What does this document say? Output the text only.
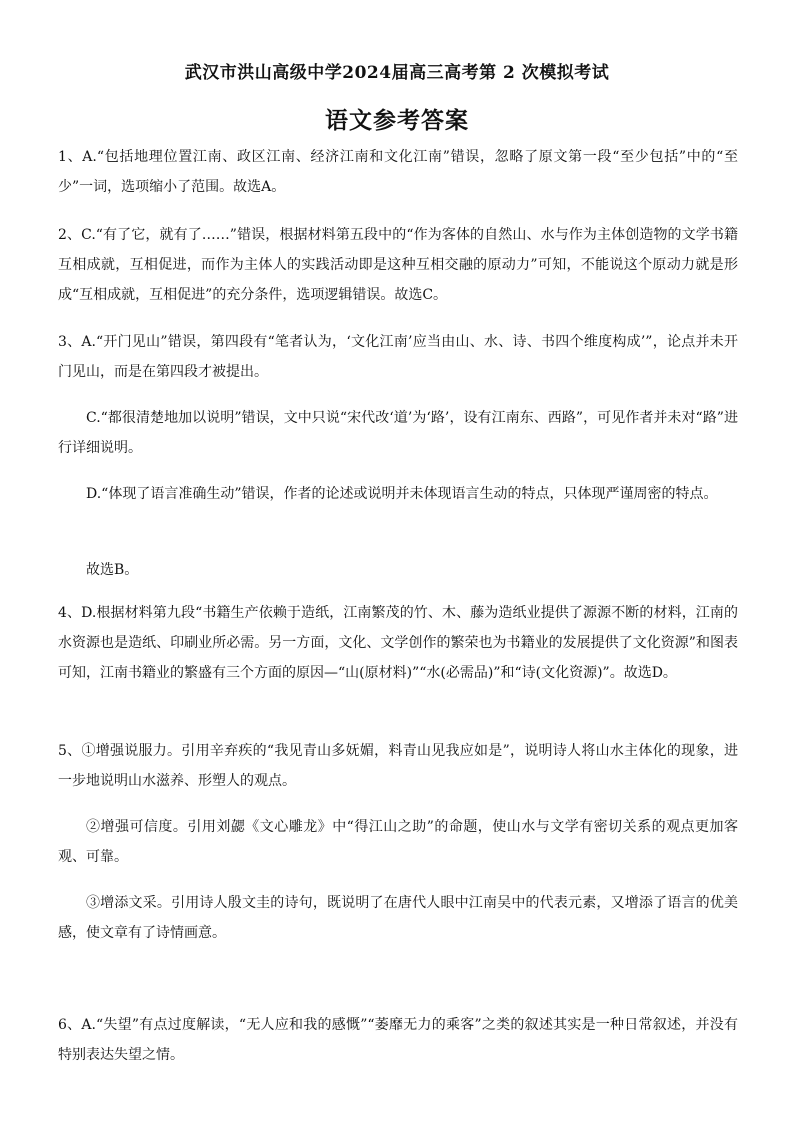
武汉市洪山高级中学2024届高三高考第 2 次模拟考试
语文参考答案

1、A.“包括地理位置江南、政区江南、经济江南和文化江南”错误，忽略了原文第一段“至少包括”中的“至少”一词，选项缩小了范围。故选A。

2、C.“有了它，就有了……”错误，根据材料第五段中的“作为客体的自然山、水与作为主体创造物的文学书籍互相成就，互相促进，而作为主体人的实践活动即是这种互相交融的原动力”可知，不能说这个原动力就是形成“互相成就，互相促进”的充分条件，选项逻辑错误。故选C。

3、A.“开门见山”错误，第四段有“笔者认为，‘文化江南’应当由山、水、诗、书四个维度构成’”，论点并未开门见山，而是在第四段才被提出。

C.“都很清楚地加以说明”错误，文中只说“宋代改‘道’为‘路’，设有江南东、西路”，可见作者并未对“路”进行详细说明。

D.“体现了语言准确生动”错误，作者的论述或说明并未体现语言生动的特点，只体现严谨周密的特点。

故选B。

4、D.根据材料第九段“书籍生产依赖于造纸，江南繁茂的竹、木、藤为造纸业提供了源源不断的材料，江南的水资源也是造纸、印刷业所必需。另一方面，文化、文学创作的繁荣也为书籍业的发展提供了文化资源”和图表可知，江南书籍业的繁盛有三个方面的原因—“山(原材料)”“水(必需品)”和“诗(文化资源)”。故选D。

5、①增强说服力。引用辛弃疾的“我见青山多妩媚，料青山见我应如是”，说明诗人将山水主体化的现象，进一步地说明山水滋养、形塑人的观点。

②增强可信度。引用刘勰《文心雕龙》中“得江山之助”的命题，使山水与文学有密切关系的观点更加客观、可靠。

③增添文采。引用诗人殷文圭的诗句，既说明了在唐代人眼中江南吴中的代表元素，又增添了语言的优美感，使文章有了诗情画意。

6、A.“失望”有点过度解读，“无人应和我的感慨”“萎靡无力的乘客”之类的叙述其实是一种日常叙述，并没有特别表达失望之情。
